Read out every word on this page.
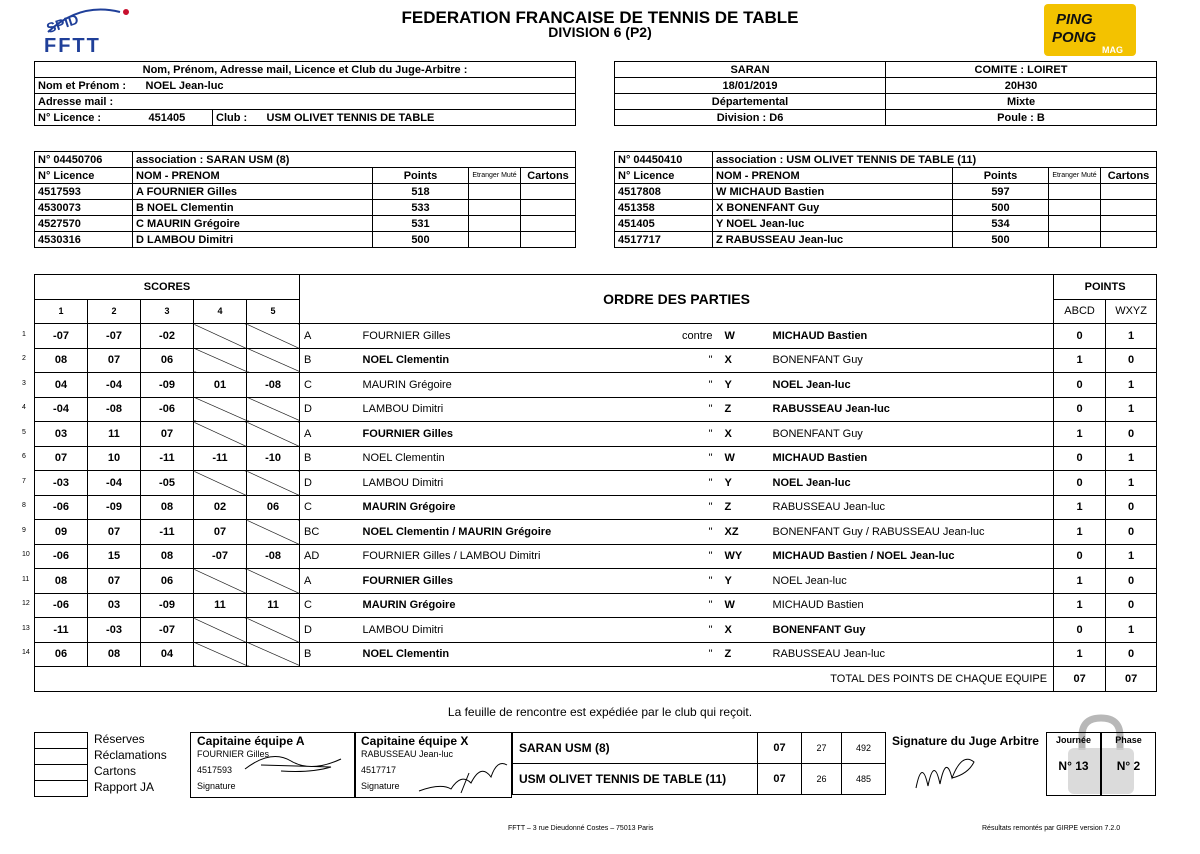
SPID
FFTT
FEDERATION FRANCAISE DE TENNIS DE TABLE
DIVISION 6 (P2)
PING
PONG
MAG
Nom, Prénom, Adresse mail, Licence et Club du Juge-Arbitre :			
Nom et Prénom :	NOEL Jean-luc		
Adresse mail :			
N° Licence :	451405	Club :	USM OLIVET TENNIS DE TABLE
SARAN	COMITE : LOIRET
18/01/2019	20H30
Départemental	Mixte
Division : D6	Poule : B
N° 04450706	association : SARAN USM (8)			
N° Licence	NOM - PRENOM	Points	Etranger Muté	Cartons
4517593	A FOURNIER Gilles	518		
4530073	B NOEL Clementin	533		
4527570	C MAURIN Grégoire	531		
4530316	D LAMBOU Dimitri	500		
N° 04450410	association : USM OLIVET TENNIS DE TABLE (11)			
N° Licence	NOM - PRENOM	Points	Etranger Muté	Cartons
4517808	W MICHAUD Bastien	597		
451358	X BONENFANT Guy	500		
451405	Y NOEL Jean-luc	534		
4517717	Z RABUSSEAU Jean-luc	500		
SCORES					ORDRE DES PARTIES					POINTS	
1	2	3	4	5						ABCD	WXYZ
-07	-07	-02			A	FOURNIER Gilles	contre	W	MICHAUD Bastien	0	1
08	07	06			B	NOEL Clementin	"	X	BONENFANT Guy	1	0
04	-04	-09	01	-08	C	MAURIN Grégoire	"	Y	NOEL Jean-luc	0	1
-04	-08	-06			D	LAMBOU Dimitri	"	Z	RABUSSEAU Jean-luc	0	1
03	11	07			A	FOURNIER Gilles	"	X	BONENFANT Guy	1	0
07	10	-11	-11	-10	B	NOEL Clementin	"	W	MICHAUD Bastien	0	1
-03	-04	-05			D	LAMBOU Dimitri	"	Y	NOEL Jean-luc	0	1
-06	-09	08	02	06	C	MAURIN Grégoire	"	Z	RABUSSEAU Jean-luc	1	0
09	07	-11	07		BC	NOEL Clementin / MAURIN Grégoire	"	XZ	BONENFANT Guy / RABUSSEAU Jean-luc	1	0
-06	15	08	-07	-08	AD	FOURNIER Gilles / LAMBOU Dimitri	"	WY	MICHAUD Bastien / NOEL Jean-luc	0	1
08	07	06			A	FOURNIER Gilles	"	Y	NOEL Jean-luc	1	0
-06	03	-09	11	11	C	MAURIN Grégoire	"	W	MICHAUD Bastien	1	0
-11	-03	-07			D	LAMBOU Dimitri	"	X	BONENFANT Guy	0	1
06	08	04			B	NOEL Clementin	"	Z	RABUSSEAU Jean-luc	1	0
TOTAL DES POINTS DE CHAQUE EQUIPE										07	07
1
2
3
4
5
6
7
8
9
10
11
12
13
14
La feuille de rencontre est expédiée par le club qui reçoit.
Réserves
Réclamations
Cartons
Rapport JA
Capitaine équipe A
FOURNIER Gilles
4517593
Signature
Capitaine équipe X
RABUSSEAU Jean-luc
4517717
Signature
SARAN USM (8)	07	27	492
USM OLIVET TENNIS DE TABLE (11)	07	26	485
Signature du Juge Arbitre	Journée
N° 13
Phase
N° 2
FFTT – 3 rue Dieudonné Costes – 75013 Paris	Résultats remontés par GIRPE version 7.2.0
